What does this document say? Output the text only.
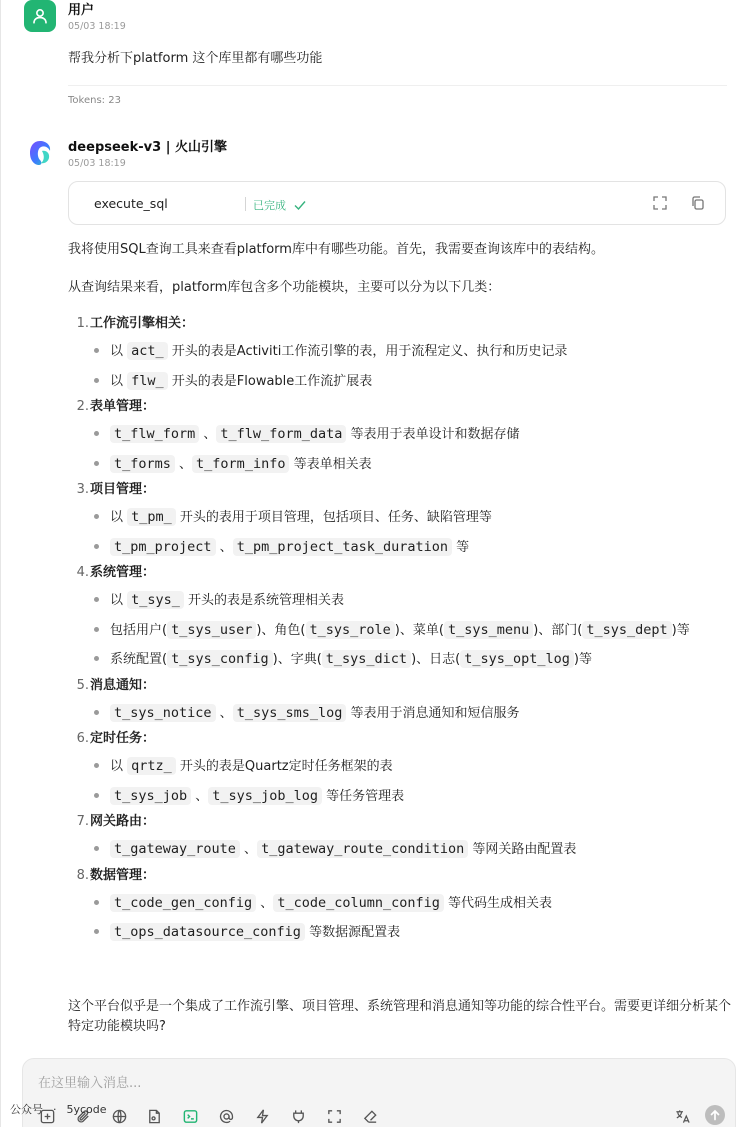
用户
05/03 18:19
帮我分析下platform 这个库里都有哪些功能
Tokens: 23
deepseek-v3 | 火山引擎
05/03 18:19
execute_sql	已完成

我将使用SQL查询工具来查看platform库中有哪些功能。首先，我需要查询该库中的表结构。

从查询结果来看，platform库包含多个功能模块，主要可以分为以下几类：

1.工作流引擎相关：
以 act_ 开头的表是Activiti工作流引擎的表，用于流程定义、执行和历史记录
以 flw_ 开头的表是Flowable工作流扩展表
2.表单管理：
t_flw_form 、 t_flw_form_data 等表用于表单设计和数据存储
t_forms 、 t_form_info 等表单相关表
3.项目管理：
以 t_pm_ 开头的表用于项目管理，包括项目、任务、缺陷管理等
t_pm_project 、 t_pm_project_task_duration 等
4.系统管理：
以 t_sys_ 开头的表是系统管理相关表
包括用户( t_sys_user )、角色( t_sys_role )、菜单( t_sys_menu )、部门( t_sys_dept )等
系统配置( t_sys_config )、字典( t_sys_dict )、日志( t_sys_opt_log )等
5.消息通知：
t_sys_notice 、 t_sys_sms_log 等表用于消息通知和短信服务
6.定时任务：
以 qrtz_ 开头的表是Quartz定时任务框架的表
t_sys_job 、 t_sys_job_log 等任务管理表
7.网关路由：
t_gateway_route 、 t_gateway_route_condition 等网关路由配置表
8.数据管理：
t_code_gen_config 、 t_code_column_config 等代码生成相关表
t_ops_datasource_config 等数据源配置表

这个平台似乎是一个集成了工作流引擎、项目管理、系统管理和消息通知等功能的综合性平台。需要更详细分析某个特定功能模块吗?

在这里输入消息...
公众号 · 5ycode
